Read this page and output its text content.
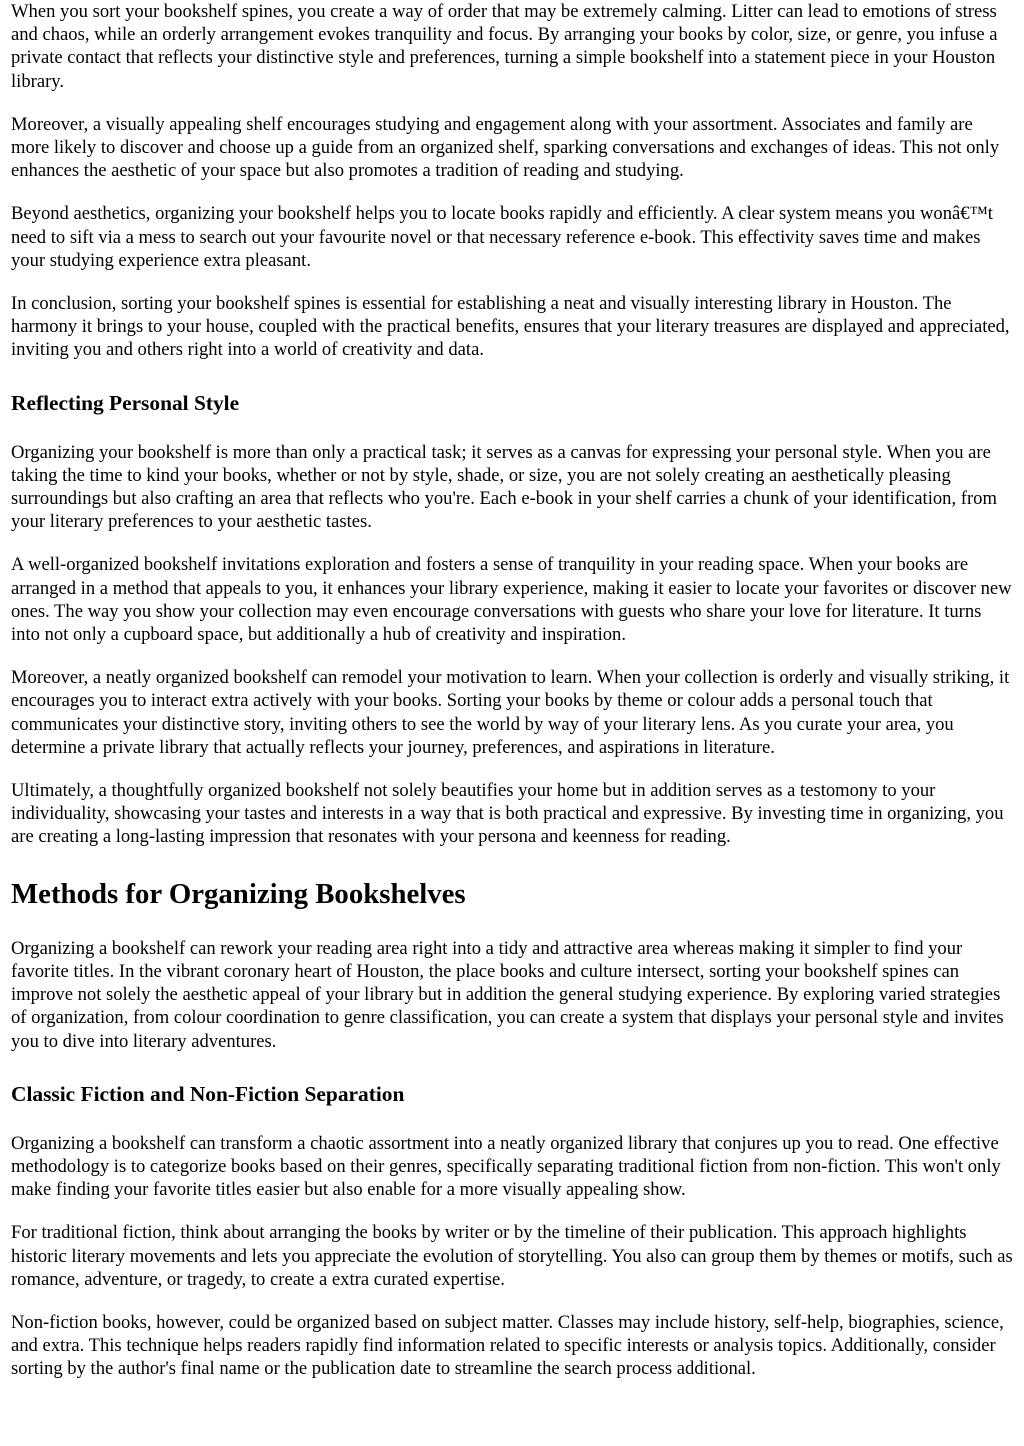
When you sort your bookshelf spines, you create a way of order that may be extremely calming. Litter can lead to emotions of stress and chaos, while an orderly arrangement evokes tranquility and focus. By arranging your books by color, size, or genre, you infuse a private contact that reflects your distinctive style and preferences, turning a simple bookshelf into a statement piece in your Houston library.

Moreover, a visually appealing shelf encourages studying and engagement along with your assortment. Associates and family are more likely to discover and choose up a guide from an organized shelf, sparking conversations and exchanges of ideas. This not only enhances the aesthetic of your space but also promotes a tradition of reading and studying.

Beyond aesthetics, organizing your bookshelf helps you to locate books rapidly and efficiently. A clear system means you wonâ€™t need to sift via a mess to search out your favourite novel or that necessary reference e-book. This effectivity saves time and makes your studying experience extra pleasant.

In conclusion, sorting your bookshelf spines is essential for establishing a neat and visually interesting library in Houston. The harmony it brings to your house, coupled with the practical benefits, ensures that your literary treasures are displayed and appreciated, inviting you and others right into a world of creativity and data.

Reflecting Personal Style

Organizing your bookshelf is more than only a practical task; it serves as a canvas for expressing your personal style. When you are taking the time to kind your books, whether or not by style, shade, or size, you are not solely creating an aesthetically pleasing surroundings but also crafting an area that reflects who you're. Each e-book in your shelf carries a chunk of your identification, from your literary preferences to your aesthetic tastes.

A well-organized bookshelf invitations exploration and fosters a sense of tranquility in your reading space. When your books are arranged in a method that appeals to you, it enhances your library experience, making it easier to locate your favorites or discover new ones. The way you show your collection may even encourage conversations with guests who share your love for literature. It turns into not only a cupboard space, but additionally a hub of creativity and inspiration.

Moreover, a neatly organized bookshelf can remodel your motivation to learn. When your collection is orderly and visually striking, it encourages you to interact extra actively with your books. Sorting your books by theme or colour adds a personal touch that communicates your distinctive story, inviting others to see the world by way of your literary lens. As you curate your area, you determine a private library that actually reflects your journey, preferences, and aspirations in literature.

Ultimately, a thoughtfully organized bookshelf not solely beautifies your home but in addition serves as a testomony to your individuality, showcasing your tastes and interests in a way that is both practical and expressive. By investing time in organizing, you are creating a long-lasting impression that resonates with your persona and keenness for reading.

Methods for Organizing Bookshelves

Organizing a bookshelf can rework your reading area right into a tidy and attractive area whereas making it simpler to find your favorite titles. In the vibrant coronary heart of Houston, the place books and culture intersect, sorting your bookshelf spines can improve not solely the aesthetic appeal of your library but in addition the general studying experience. By exploring varied strategies of organization, from colour coordination to genre classification, you can create a system that displays your personal style and invites you to dive into literary adventures.

Classic Fiction and Non-Fiction Separation

Organizing a bookshelf can transform a chaotic assortment into a neatly organized library that conjures up you to read. One effective methodology is to categorize books based on their genres, specifically separating traditional fiction from non-fiction. This won't only make finding your favorite titles easier but also enable for a more visually appealing show.

For traditional fiction, think about arranging the books by writer or by the timeline of their publication. This approach highlights historic literary movements and lets you appreciate the evolution of storytelling. You also can group them by themes or motifs, such as romance, adventure, or tragedy, to create a extra curated expertise.

Non-fiction books, however, could be organized based on subject matter. Classes may include history, self-help, biographies, science, and extra. This technique helps readers rapidly find information related to specific interests or analysis topics. Additionally, consider sorting by the author's final name or the publication date to streamline the search process additional.
